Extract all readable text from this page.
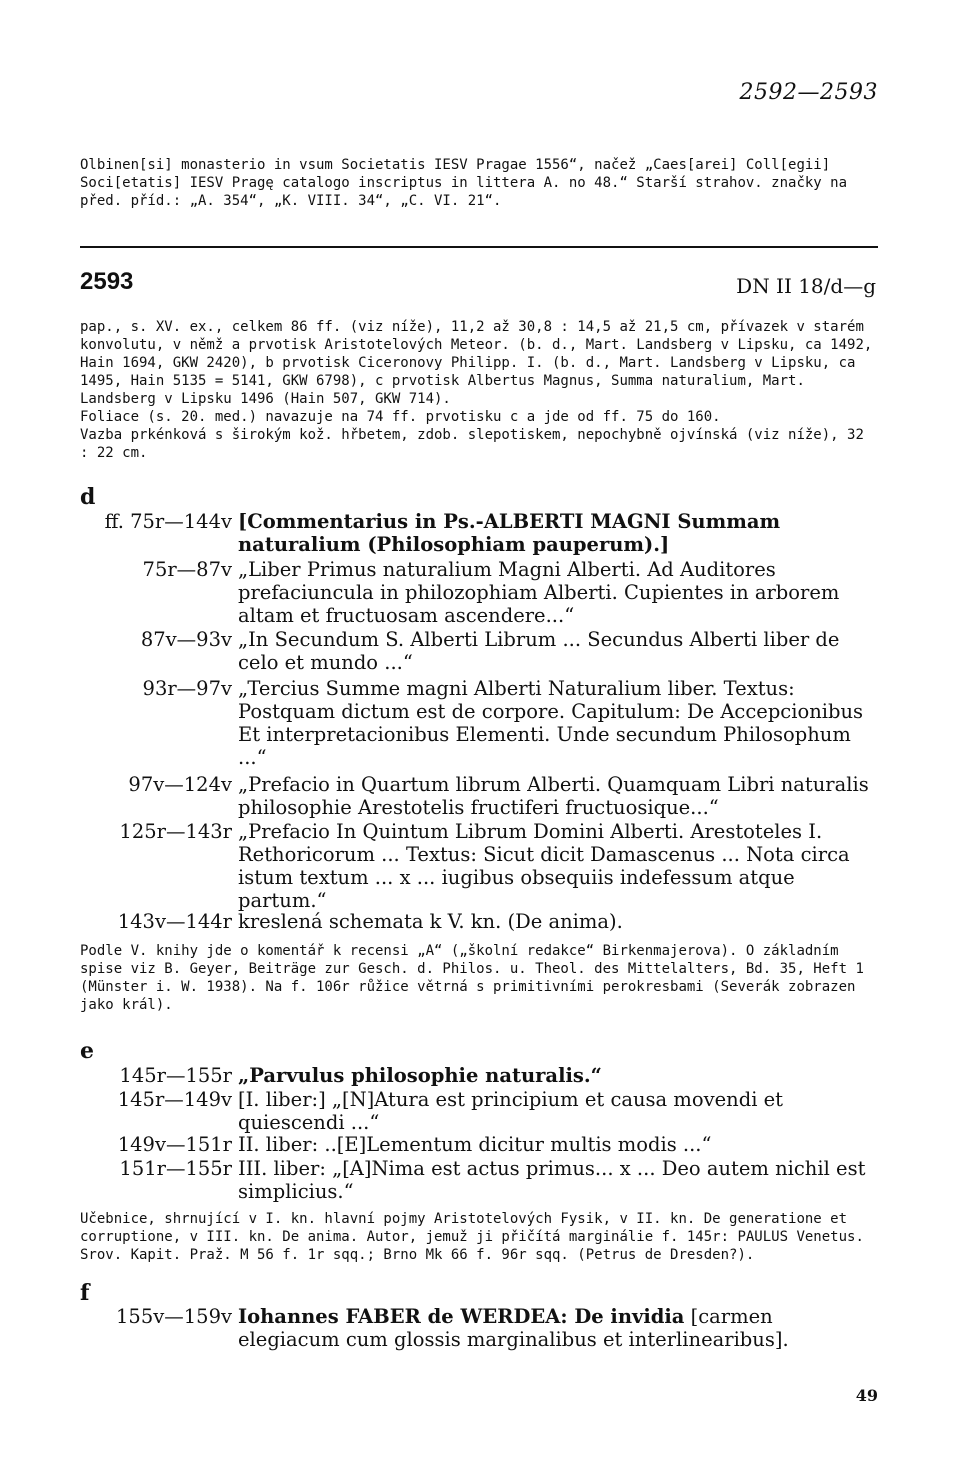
2592—2593
Olbinen[si] monasterio in vsum Societatis IESV Pragae 1556“, načež „Caes[arei] Coll[egii] Soci[etatis] IESV Pragę catalogo inscriptus in littera A. no 48.“ Starší strahov. značky na před. příd.: „A. 354“, „K. VIII. 34“, „C. VI. 21“.
2593	DN II 18/d—g
pap., s. XV. ex., celkem 86 ff. (viz níže), 11,2 až 30,8 : 14,5 až 21,5 cm, přívazek v starém konvolutu, v němž a prvotisk Aristotelových Meteor. (b. d., Mart. Landsberg v Lipsku, ca 1492, Hain 1694, GKW 2420), b prvotisk Ciceronovy Philipp. I. (b. d., Mart. Landsberg v Lipsku, ca 1495, Hain 5135 = 5141, GKW 6798), c prvotisk Albertus Magnus, Summa naturalium, Mart. Landsberg v Lipsku 1496 (Hain 507, GKW 714).
Foliace (s. 20. med.) navazuje na 74 ff. prvotisku c a jde od ff. 75 do 160.
Vazba prkénková s širokým kož. hřbetem, zdob. slepotiskem, nepochybně ojvínská (viz níže), 32 : 22 cm.
d
ff. 75r—144v [Commentarius in Ps.-ALBERTI MAGNI Summam naturalium (Philosophiam pauperum).]
75r—87v „Liber Primus naturalium Magni Alberti. Ad Auditores prefaciuncula in philozophiam Alberti. Cupientes in arborem altam et fructuosam ascendere...“
87v—93v „In Secundum S. Alberti Librum ... Secundus Alberti liber de celo et mundo ...“
93r—97v „Tercius Summe magni Alberti Naturalium liber. Textus: Postquam dictum est de corpore. Capitulum: De Accepcionibus Et interpretacionibus Elementi. Unde secundum Philosophum ...“
97v—124v „Prefacio in Quartum librum Alberti. Quamquam Libri naturalis philosophie Arestotelis fructiferi fructuosique...“
125r—143r „Prefacio In Quintum Librum Domini Alberti. Arestoteles I. Rethoricorum ... Textus: Sicut dicit Damascenus ... Nota circa istum textum ... x ... iugibus obsequiis indefessum atque partum.“
143v—144r kreslená schemata k V. kn. (De anima).
Podle V. knihy jde o komentář k recensi „A“ („školní redakce“ Birkenmajerova). O základním spise viz B. Geyer, Beiträge zur Gesch. d. Philos. u. Theol. des Mittelalters, Bd. 35, Heft 1 (Münster i. W. 1938). Na f. 106r růžice větrná s primitivními perokresbami (Severák zobrazen jako král).
e
145r—155r „Parvulus philosophie naturalis.“
145r—149v [I. liber:] „[N]Atura est principium et causa movendi et quiescendi ...“
149v—151r II. liber: ..[E]Lementum dicitur multis modis ...“
151r—155r III. liber: „[A]Nima est actus primus... x ... Deo autem nichil est simplicius.“
Učebnice, shrnující v I. kn. hlavní pojmy Aristotelových Fysik, v II. kn. De generatione et corruptione, v III. kn. De anima. Autor, jemuž ji přičítá marginálie f. 145r: PAULUS Venetus. Srov. Kapit. Praž. M 56 f. 1r sqq.; Brno Mk 66 f. 96r sqq. (Petrus de Dresden?).
f
155v—159v Iohannes FABER de WERDEA: De invidia [carmen elegiacum cum glossis marginalibus et interlinearibus].
49
